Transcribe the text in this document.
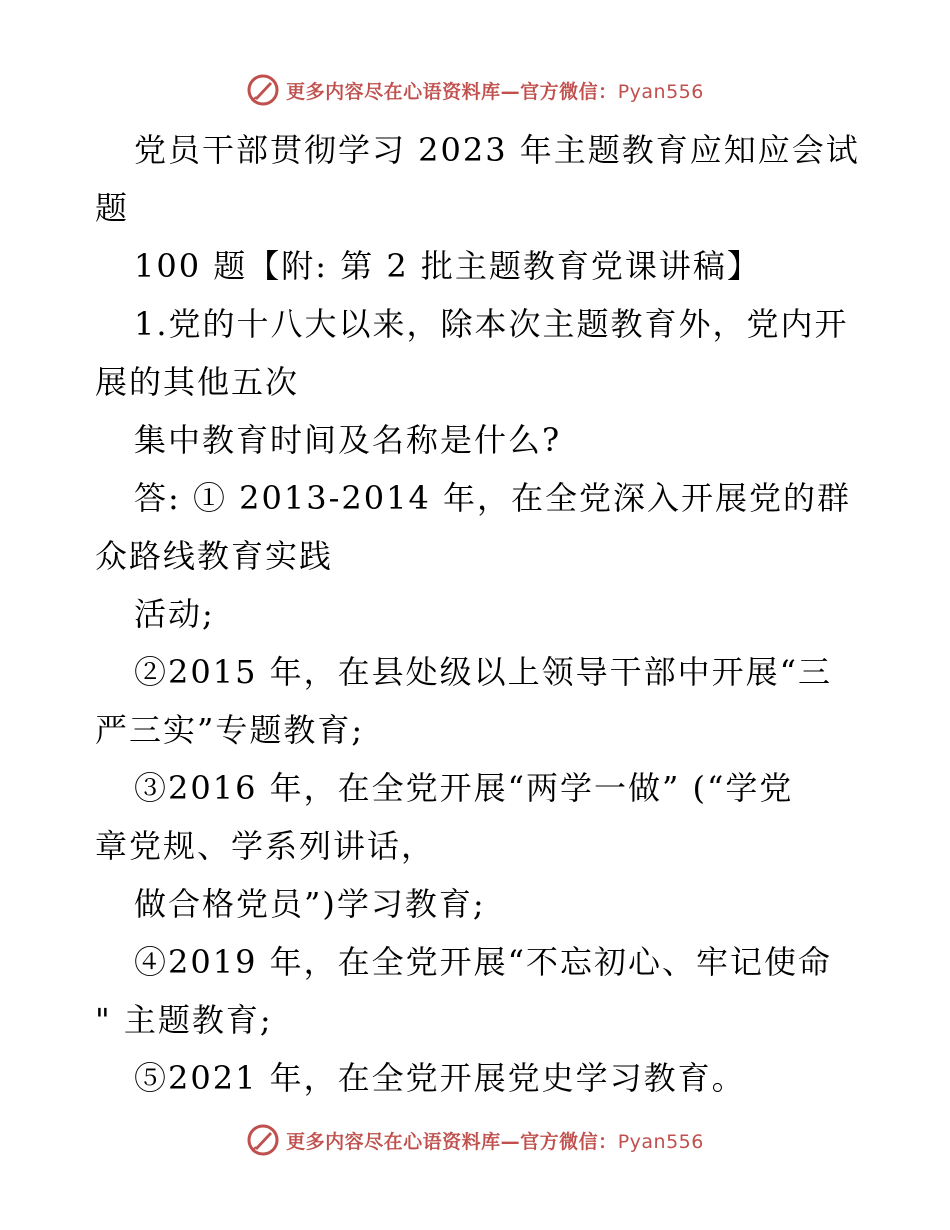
更多内容尽在心语资料库—官方微信：Pyan556
党员干部贯彻学习 2023 年主题教育应知应会试
题
100 题【附: 第 2 批主题教育党课讲稿】
1.党的十八大以来，除本次主题教育外，党内开
展的其他五次
集中教育时间及名称是什么?
答: ① 2013-2014 年，在全党深入开展党的群
众路线教育实践
活动;
②2015 年，在县处级以上领导干部中开展“三
严三实”专题教育;
③2016 年，在全党开展“两学一做” (“学党
章党规、学系列讲话，
做合格党员”)学习教育;
④2019 年，在全党开展“不忘初心、牢记使命
" 主题教育;
⑤2021 年，在全党开展党史学习教育。
更多内容尽在心语资料库—官方微信：Pyan556
